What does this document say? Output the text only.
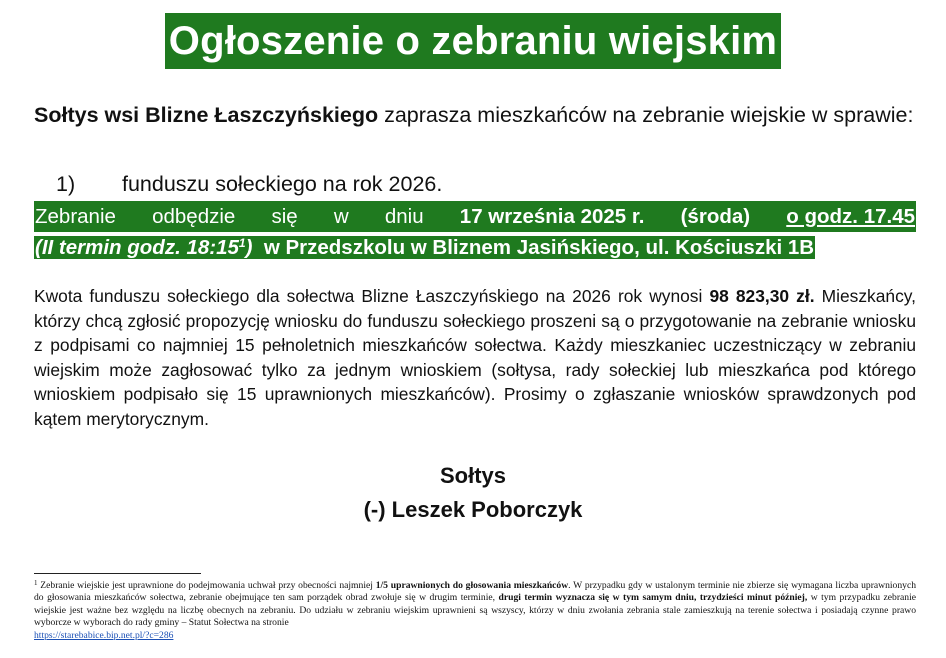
Ogłoszenie o zebraniu wiejskim
Sołtys wsi Blizne Łaszczyńskiego zaprasza mieszkańców na zebranie wiejskie w sprawie:
1) funduszu sołeckiego na rok 2026.
Zebranie odbędzie się w dniu 17 września 2025 r. (środa) o godz. 17.45
(II termin godz. $18:15^1$) w Przedszkolu w Bliznem Jasińskiego, ul. Kościuszki 1B
Kwota funduszu sołeckiego dla sołectwa Blizne Łaszczyńskiego na 2026 rok wynosi 98 823,30 zł. Mieszkańcy, którzy chcą zgłosić propozycję wniosku do funduszu sołeckiego proszeni są o przygotowanie na zebranie wniosku z podpisami co najmniej 15 pełnoletnich mieszkańców sołectwa. Każdy mieszkaniec uczestniczący w zebraniu wiejskim może zagłosować tylko za jednym wnioskiem (sołtysa, rady sołeckiej lub mieszkańca pod którego wnioskiem podpisało się 15 uprawnionych mieszkańców). Prosimy o zgłaszanie wniosków sprawdzonych pod kątem merytorycznym.
Sołtys
(-) Leszek Poborczyk
$^1$ Zebranie wiejskie jest uprawnione do podejmowania uchwał przy obecności najmniej 1/5 uprawnionych do głosowania mieszkańców. W przypadku gdy w ustalonym terminie nie zbierze się wymagana liczba uprawnionych do głosowania mieszkańców sołectwa, zebranie obejmujące ten sam porządek obrad zwołuje się w drugim terminie, drugi termin wyznacza się w tym samym dniu, trzydzieści minut później, w tym przypadku zebranie wiejskie jest ważne bez względu na liczbę obecnych na zebraniu. Do udziału w zebraniu wiejskim uprawnieni są wszyscy, którzy w dniu zwołania zebrania stale zamieszkują na terenie sołectwa i posiadają czynne prawo wyborcze w wyborach do rady gminy – Statut Sołectwa na stronie
https://starebabice.bip.net.pl/?c=286
